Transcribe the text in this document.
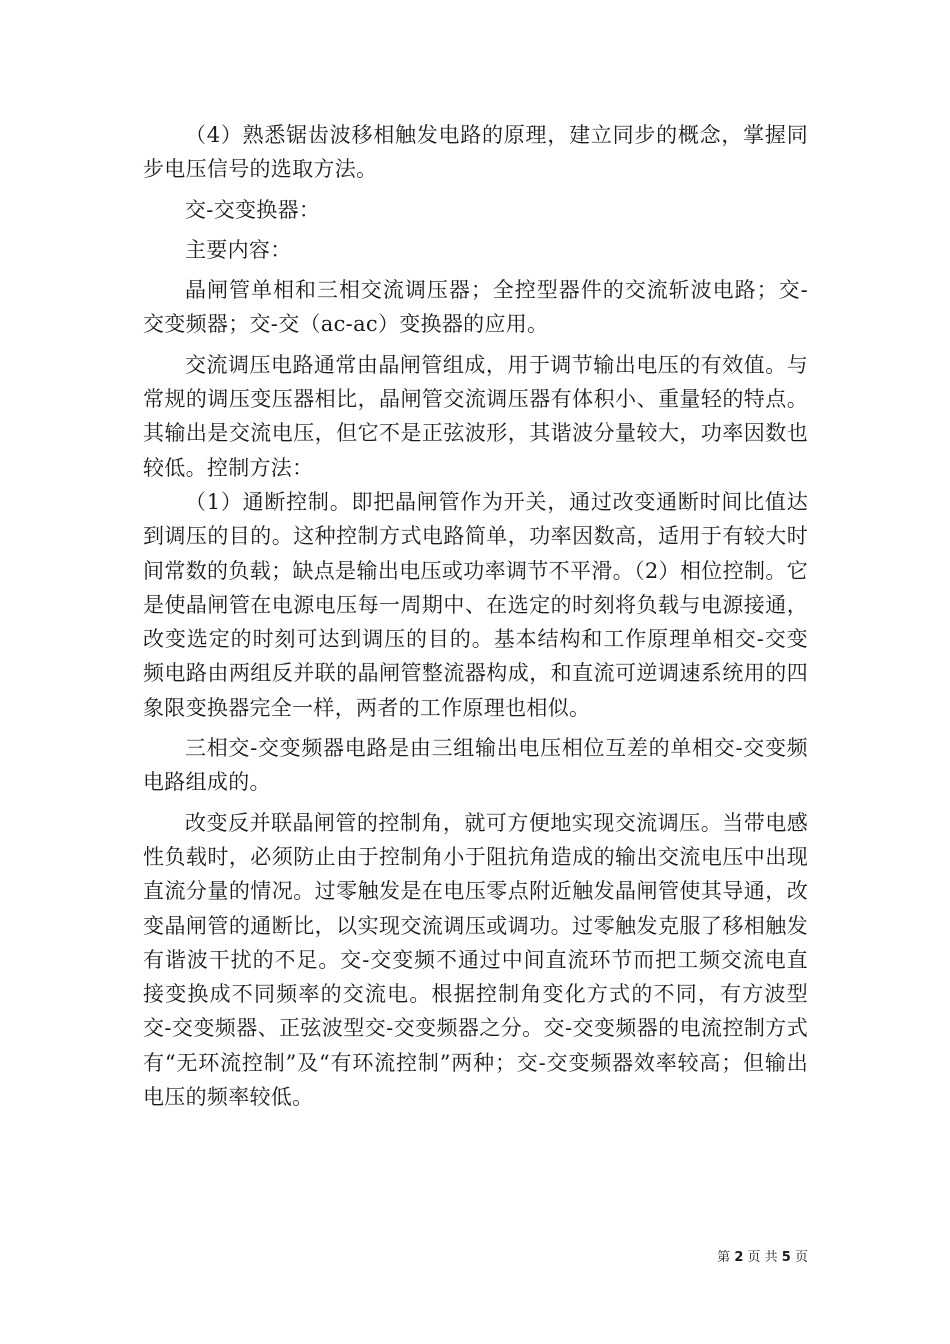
（4）熟悉锯齿波移相触发电路的原理，建立同步的概念，掌握同步电压信号的选取方法。

交-交变换器：

主要内容：

晶闸管单相和三相交流调压器；全控型器件的交流斩波电路；交-交变频器；交-交（ac-ac）变换器的应用。

交流调压电路通常由晶闸管组成，用于调节输出电压的有效值。与常规的调压变压器相比，晶闸管交流调压器有体积小、重量轻的特点。其输出是交流电压，但它不是正弦波形，其谐波分量较大，功率因数也较低。控制方法：

（1）通断控制。即把晶闸管作为开关，通过改变通断时间比值达到调压的目的。这种控制方式电路简单，功率因数高，适用于有较大时间常数的负载；缺点是输出电压或功率调节不平滑。（2）相位控制。它是使晶闸管在电源电压每一周期中、在选定的时刻将负载与电源接通，改变选定的时刻可达到调压的目的。基本结构和工作原理单相交-交变频电路由两组反并联的晶闸管整流器构成，和直流可逆调速系统用的四象限变换器完全一样，两者的工作原理也相似。

三相交-交变频器电路是由三组输出电压相位互差的单相交-交变频电路组成的。

改变反并联晶闸管的控制角，就可方便地实现交流调压。当带电感性负载时，必须防止由于控制角小于阻抗角造成的输出交流电压中出现直流分量的情况。过零触发是在电压零点附近触发晶闸管使其导通，改变晶闸管的通断比，以实现交流调压或调功。过零触发克服了移相触发有谐波干扰的不足。交-交变频不通过中间直流环节而把工频交流电直接变换成不同频率的交流电。根据控制角变化方式的不同，有方波型交-交变频器、正弦波型交-交变频器之分。交-交变频器的电流控制方式有“无环流控制”及“有环流控制”两种；交-交变频器效率较高；但输出电压的频率较低。

第 2 页 共 5 页
